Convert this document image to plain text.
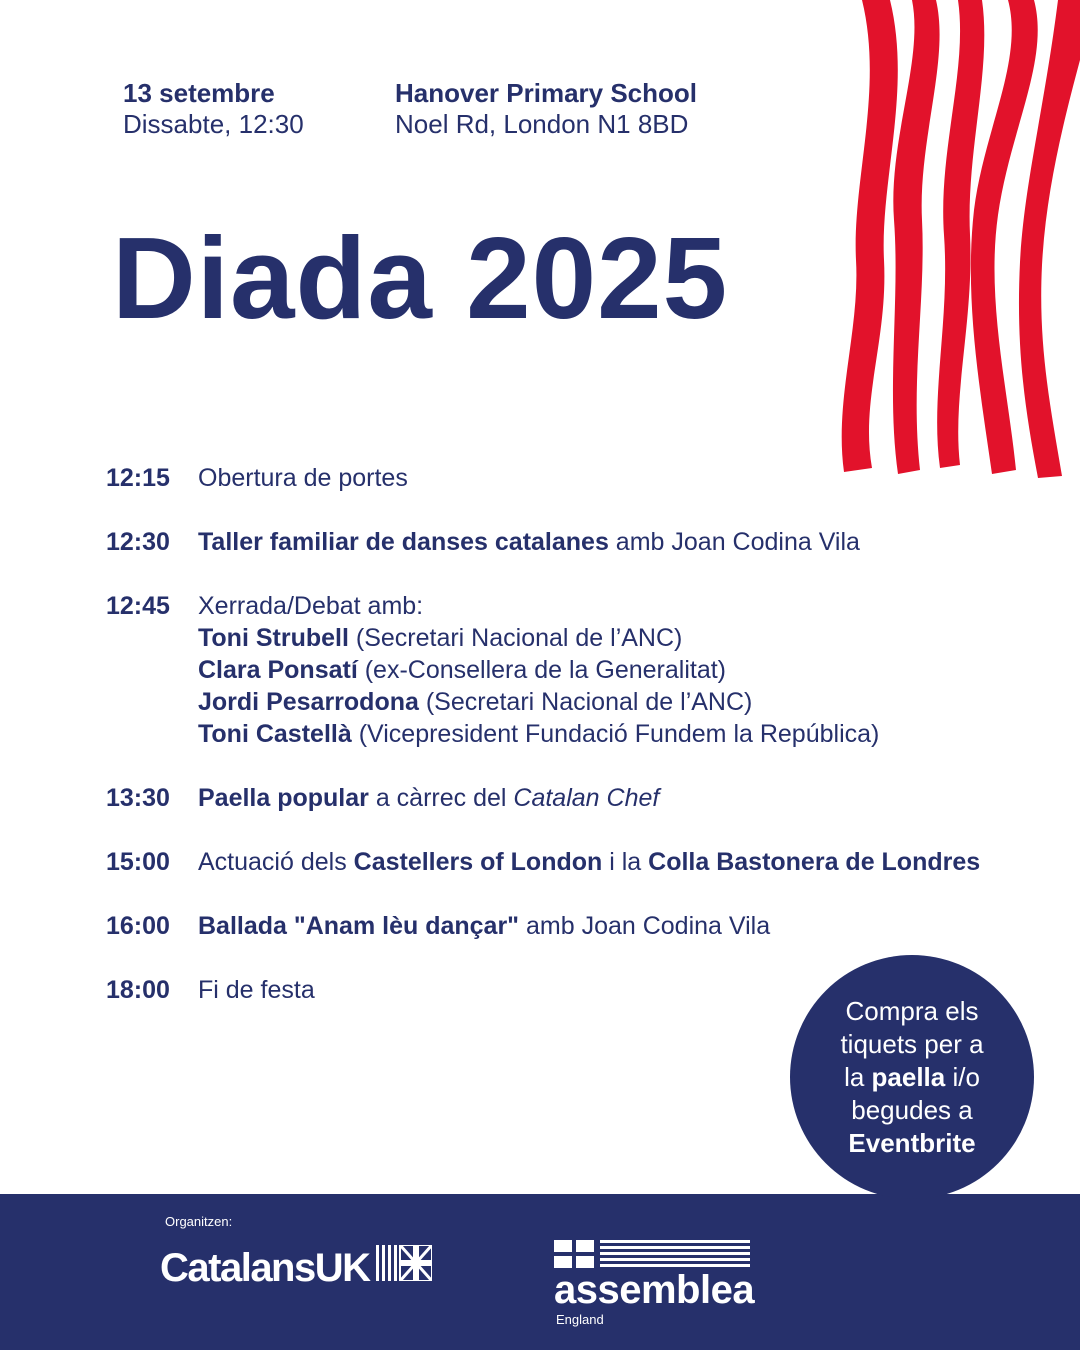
13 setembre
Dissabte, 12:30
Hanover Primary School
Noel Rd, London N1 8BD
Diada 2025
12:15	Obertura de portes
12:30	Taller familiar de danses catalanes amb Joan Codina Vila
12:45	Xerrada/Debat amb:
Toni Strubell (Secretari Nacional de l’ANC)
Clara Ponsatí (ex-Consellera de la Generalitat)
Jordi Pesarrodona (Secretari Nacional de l’ANC)
Toni Castellà (Vicepresident Fundació Fundem la República)
13:30	Paella popular a càrrec del Catalan Chef
15:00	Actuació dels Castellers of London i la Colla Bastonera de Londres
16:00	Ballada "Anam lèu dançar" amb Joan Codina Vila
18:00	Fi de festa
Compra els
tiquets per a
la paella i/o
begudes a
Eventbrite
Organitzen:
CatalansUK	assemblea
England
